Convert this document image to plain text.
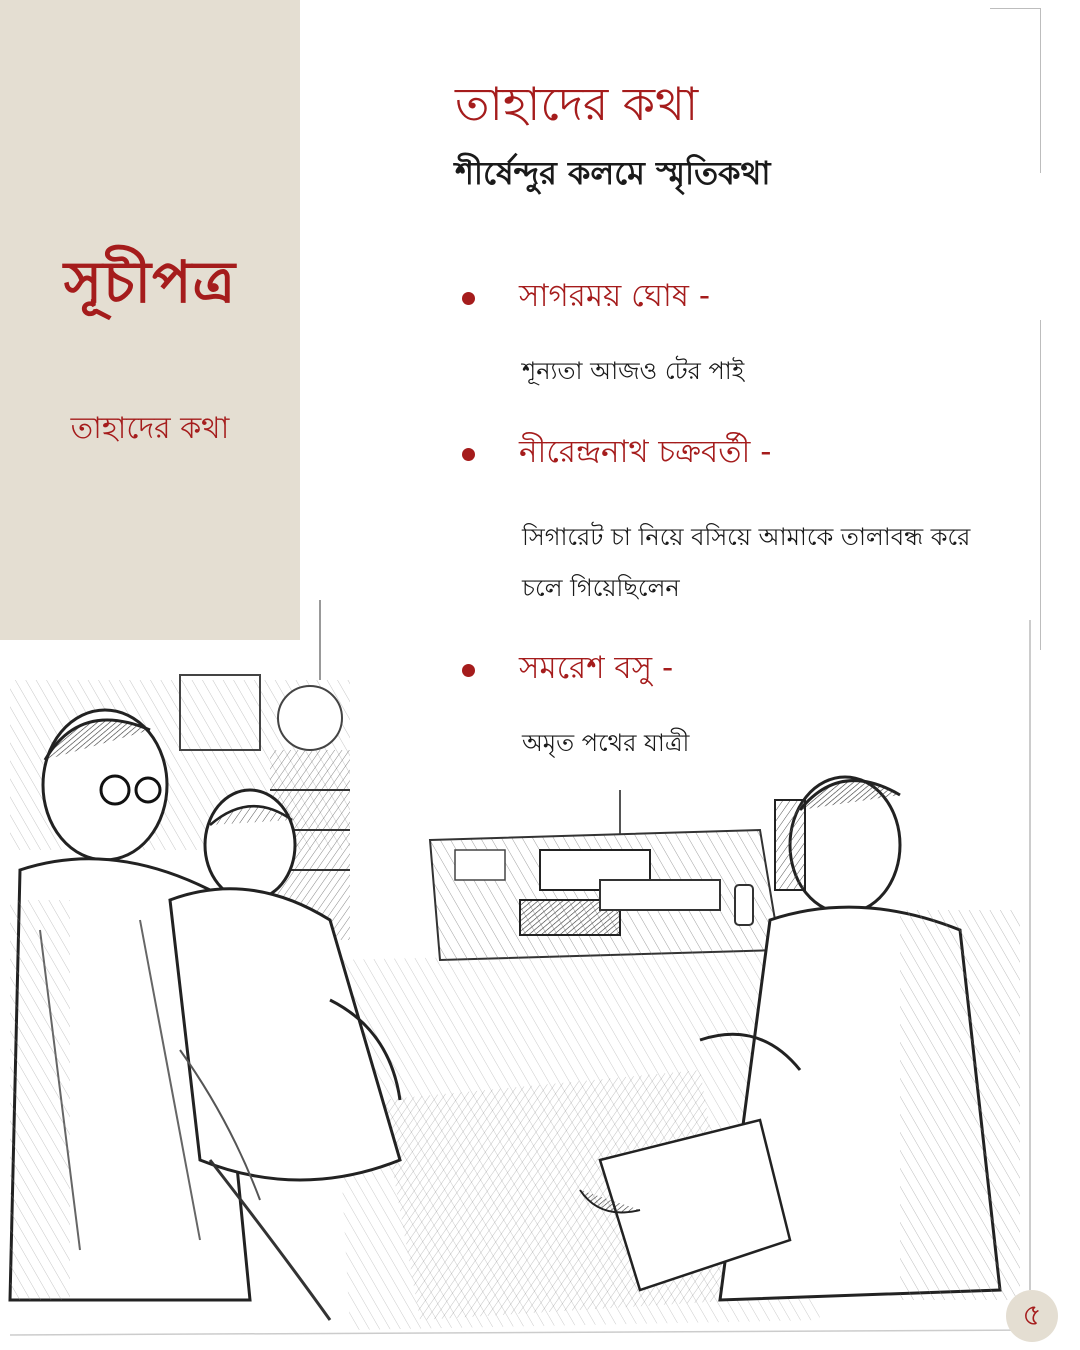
সূচীপত্র
তাহাদের কথা
তাহাদের কথা
শীর্ষেন্দুর কলমে স্মৃতিকথা
সাগরময় ঘোষ -
শূন্যতা আজও টের পাই
নীরেন্দ্রনাথ চক্রবর্তী -
সিগারেট চা নিয়ে বসিয়ে আমাকে তালাবন্ধ করে চলে গিয়েছিলেন
সমরেশ বসু -
অমৃত পথের যাত্রী
৫
